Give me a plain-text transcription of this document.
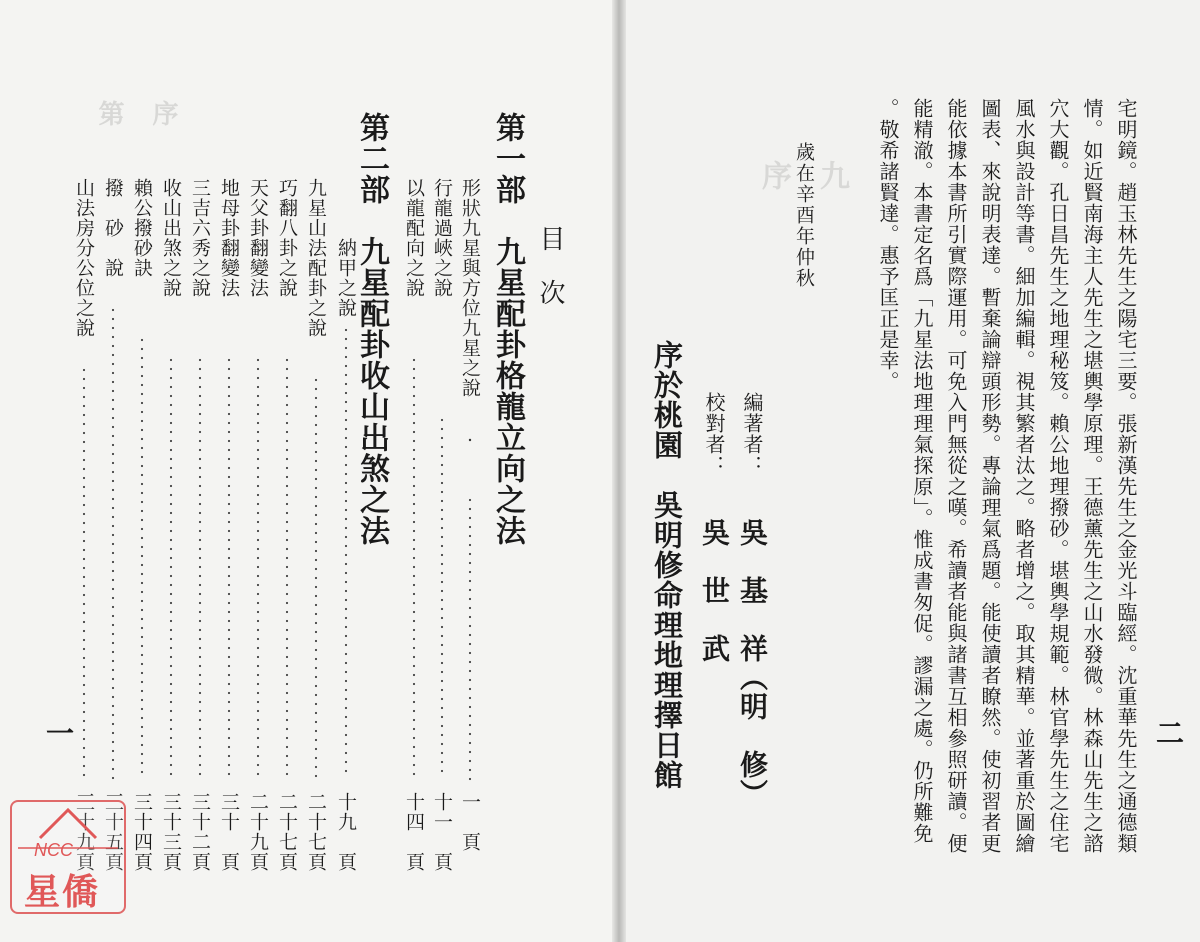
序
第
目　次
第一部　九星配卦格龍立向之法
形狀九星與方位九星之說
行龍過峽之說
以龍配向之說
第二部　九星配卦收山出煞之法
納甲之說
九星山法配卦之說
巧翻八卦之說
天父卦翻變法
地母卦翻變法
三吉六秀之說
收山出煞之說
賴公撥砂訣
撥　砂　說
山法房分公位之說
一　頁
十一　頁
十四　頁
十九　頁
二十七頁
二十七頁
二十九頁
三十　頁
三十二頁
三十三頁
三十四頁
三十五頁
三十九頁
一
NCC
星僑
九
序	宅明鏡。趙玉林先生之陽宅三要。張新漢先生之金光斗臨經。沈重華先生之通德類
情。如近賢南海主人先生之堪輿學原理。王德薰先生之山水發微。林森山先生之諮
穴大觀。孔日昌先生之地理秘笈。賴公地理撥砂。堪輿學規範。林官學先生之住宅
風水與設計等書。細加編輯。視其繁者汰之。略者增之。取其精華。並著重於圖繪
圖表、來說明表達。暫棄論辯頭形勢。專論理氣爲題。能使讀者瞭然。使初習者更
能依據本書所引實際運用。可免入門無從之嘆。希讀者能與諸書互相參照研讀。便
能精澈。本書定名爲「九星法地理理氣探原」。惟成書匆促。謬漏之處。仍所難免
。敬希諸賢達。惠予匡正是幸。
歲在辛酉年仲秋
編著者：
吳　基　祥（明　修）
校對者：
吳　世　武
序於桃園　吳明修命理地理擇日館	二
